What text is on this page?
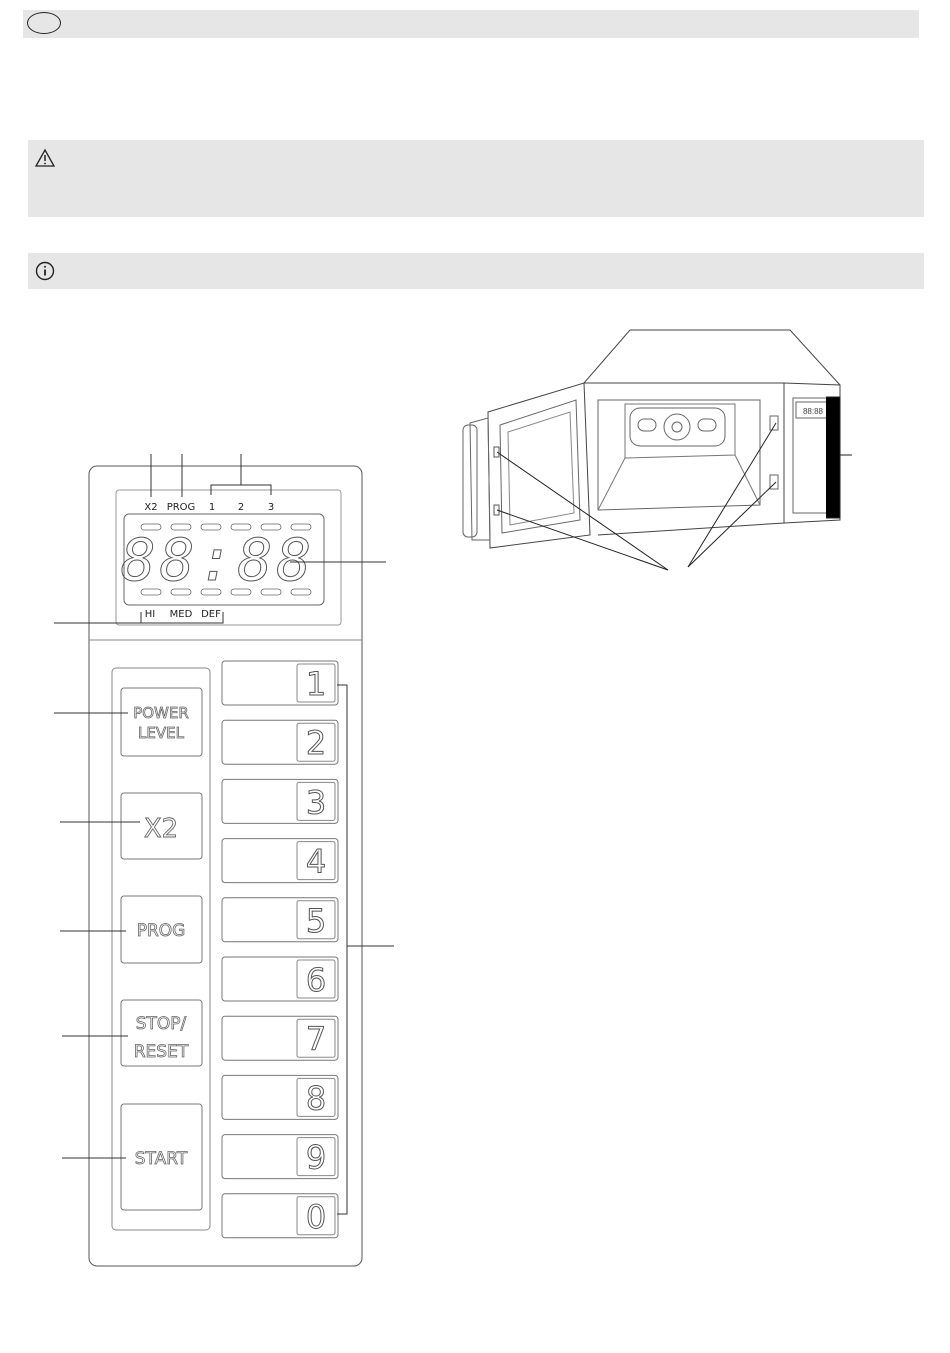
X2 PROG 1 2 3
88:88
HI MED DEF
POWER
LEVEL
X2
PROG
STOP/
RESET
START
1
2
3
4
5
6
7
8
9
0
88:88
